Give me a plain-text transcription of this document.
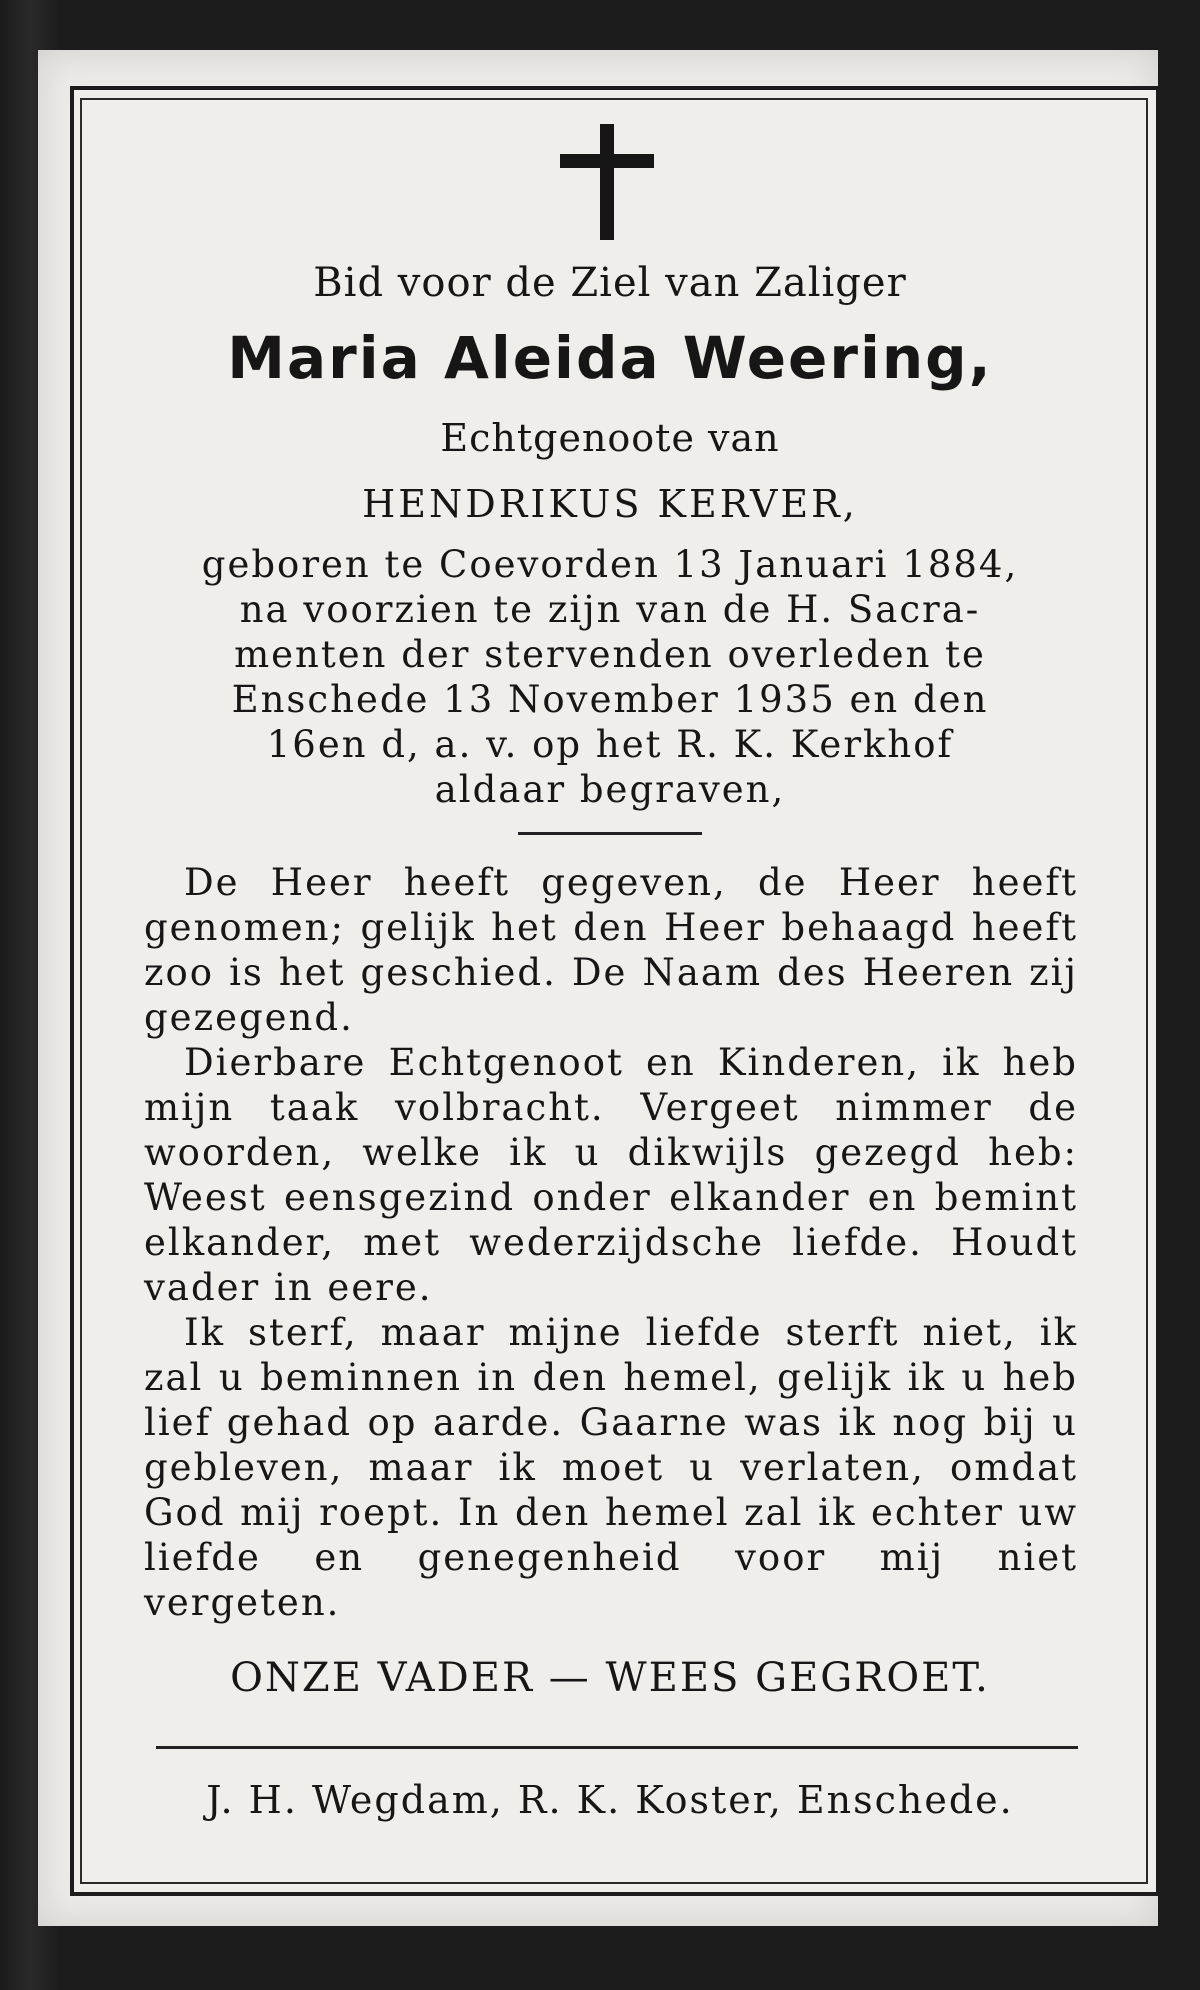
Bid voor de Ziel van Zaliger
Maria Aleida Weering,
Echtgenoote van
HENDRIKUS KERVER,
geboren te Coevorden 13 Januari 1884,
na voorzien te zijn van de H. Sacra-
menten der stervenden overleden te
Enschede 13 November 1935 en den
16en d, a. v. op het R. K. Kerkhof
aldaar begraven,

De Heer heeft gegeven, de Heer heeft genomen; gelijk het den Heer behaagd heeft zoo is het geschied. De Naam des Heeren zij gezegend.

Dierbare Echtgenoot en Kinderen, ik heb mijn taak volbracht. Vergeet nimmer de woorden, welke ik u dikwijls gezegd heb: Weest eensgezind onder elkander en bemint elkander, met wederzijdsche liefde. Houdt vader in eere.

Ik sterf, maar mijne liefde sterft niet, ik zal u beminnen in den hemel, gelijk ik u heb lief gehad op aarde. Gaarne was ik nog bij u gebleven, maar ik moet u verlaten, omdat God mij roept. In den hemel zal ik echter uw liefde en genegenheid voor mij niet vergeten.

ONZE VADER — WEES GEGROET.
J. H. Wegdam, R. K. Koster, Enschede.
